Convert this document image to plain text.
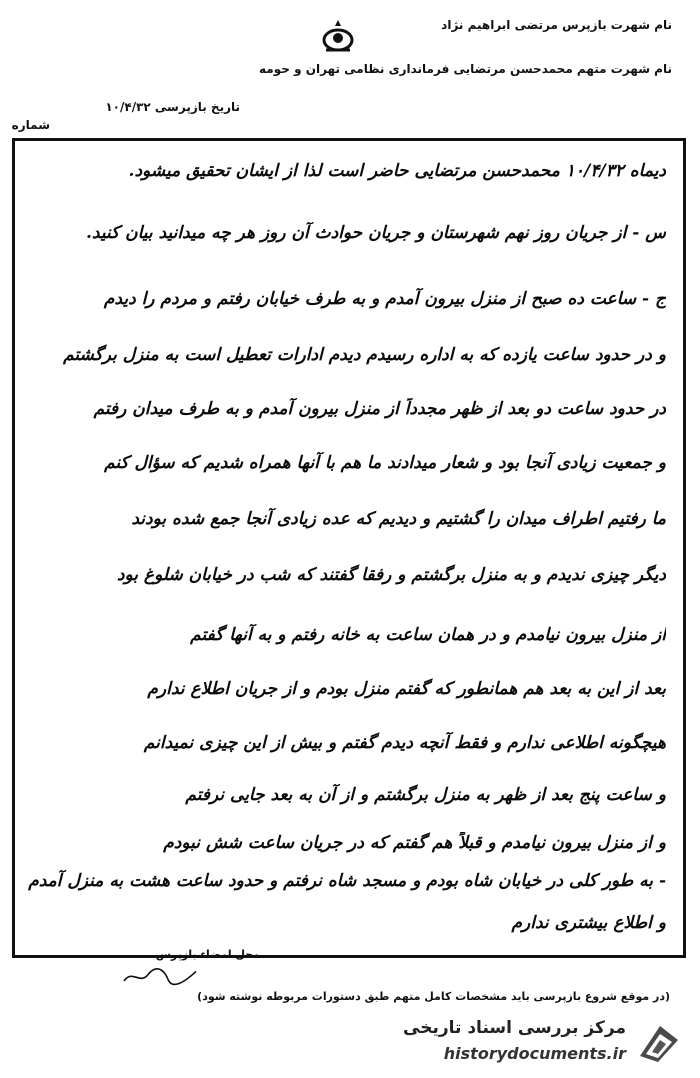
نام شهرت بازپرس مرتضی ابراهیم نژاد
نام شهرت متهم محمدحسن مرتضایی فرمانداری نظامی تهران و حومه
تاریخ بازپرسی ۱۰/۴/۳۲
شماره
دیماه ۱۰/۴/۳۲ محمدحسن مرتضایی حاضر است لذا از ایشان تحقیق میشود.
س - از جریان روز نهم شهرستان و جریان حوادث آن روز هر چه میدانید بیان کنید.
ج - ساعت ده صبح از منزل بیرون آمدم و به طرف خیابان رفتم و مردم را دیدم
و در حدود ساعت یازده که به اداره رسیدم دیدم ادارات تعطیل است به منزل برگشتم
در حدود ساعت دو بعد از ظهر مجدداً از منزل بیرون آمدم و به طرف میدان رفتم
و جمعیت زیادی آنجا بود و شعار میدادند ما هم با آنها همراه شدیم که سؤال کنم
ما رفتیم اطراف میدان را گشتیم و دیدیم که عده زیادی آنجا جمع شده بودند
دیگر چیزی ندیدم و به منزل برگشتم و رفقا گفتند که شب در خیابان شلوغ بود
از منزل بیرون نیامدم و در همان ساعت به خانه رفتم و به آنها گفتم
بعد از این به بعد هم همانطور که گفتم منزل بودم و از جریان اطلاع ندارم
هیچگونه اطلاعی ندارم و فقط آنچه دیدم گفتم و بیش از این چیزی نمیدانم
و ساعت پنج بعد از ظهر به منزل برگشتم و از آن به بعد جایی نرفتم
و از منزل بیرون نیامدم و قبلاً هم گفتم که در جریان ساعت شش نبودم
- به طور کلی در خیابان شاه بودم و مسجد شاه نرفتم و حدود ساعت هشت به منزل آمدم
و اطلاع بیشتری ندارم
محل امضاء بازپرس
(در موقع شروع بازپرسی باید مشخصات کامل متهم طبق دستورات مربوطه نوشته شود)
مرکز بررسی اسناد تاریخی
historydocuments.ir
